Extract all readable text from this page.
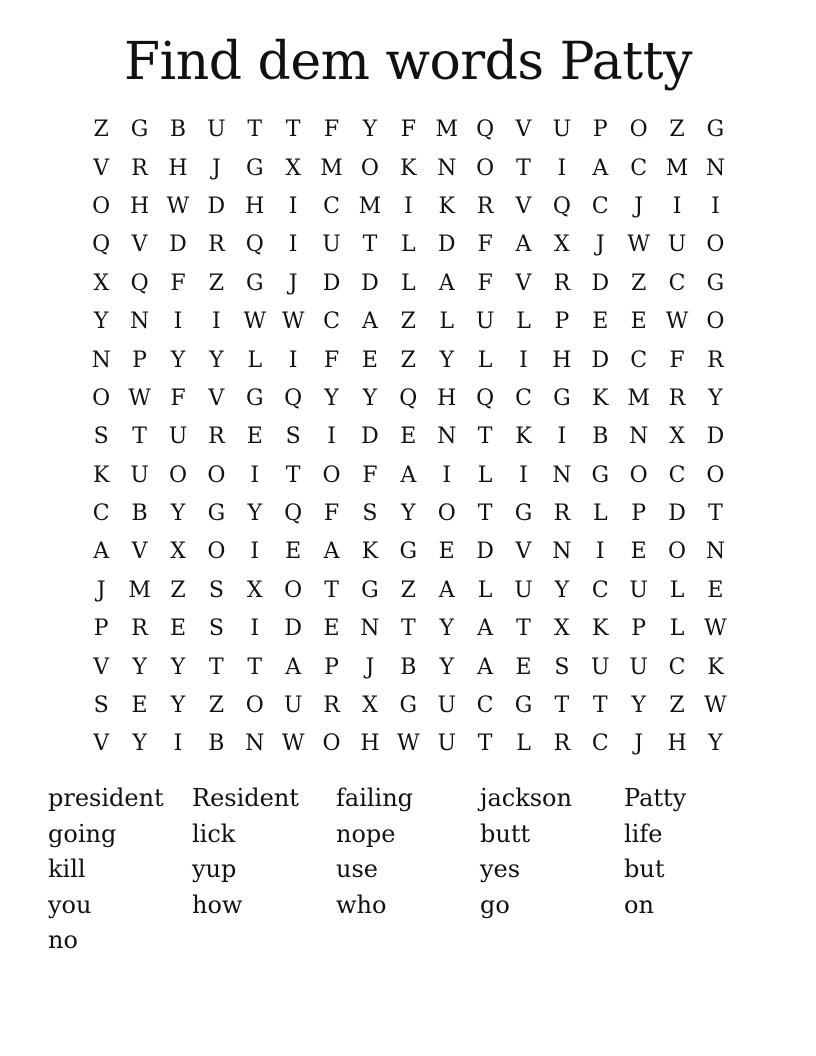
Find dem words Patty
Z G B U T	T	F	Y	F M Q V U P O Z G
V	R H	J	G X M O K N O	T	I	A	C M N
O H W D H	I	C M	I	K R	V Q C	J	I	I
Q V D R Q	I	U T	L	D F	A	X	J	W U O
X Q F	Z G	J	D D	L	A	F	V	R D Z	C G
Y N	I	I	W W C	A	Z	L U L	P	E	E W O
N P	Y	Y	L	I	F	E	Z	Y	L	I	H D C	F	R
O W F	V G Q	Y	Y	Q H Q C G K M R	Y
S	T U R	E	S	I	D E N T	K	I	B N X D
K U O O	I	T	O F	A	I	L	I	N G O C O
C B	Y	G	Y	Q F	S	Y	O	T	G R	L	P	D	T
A	V	X O	I	E	A	K G E D V N	I	E O N
J	M Z	S	X O	T	G Z	A	L U Y	C U L	E
P	R	E	S	I	D E N T	Y	A	T	X	K	P	L W
V	Y	Y	T	T	A	P	J	B	Y	A	E	S U U C K
S	E	Y	Z O U R	X G U C G	T	T	Y	Z W
V	Y	I	B N W O H W U T	L	R C	J	H Y
president	Resident	failing	jackson	Patty
going	lick	nope	butt	life
kill	yup	use	yes	but
you	how	who	go	on
no
